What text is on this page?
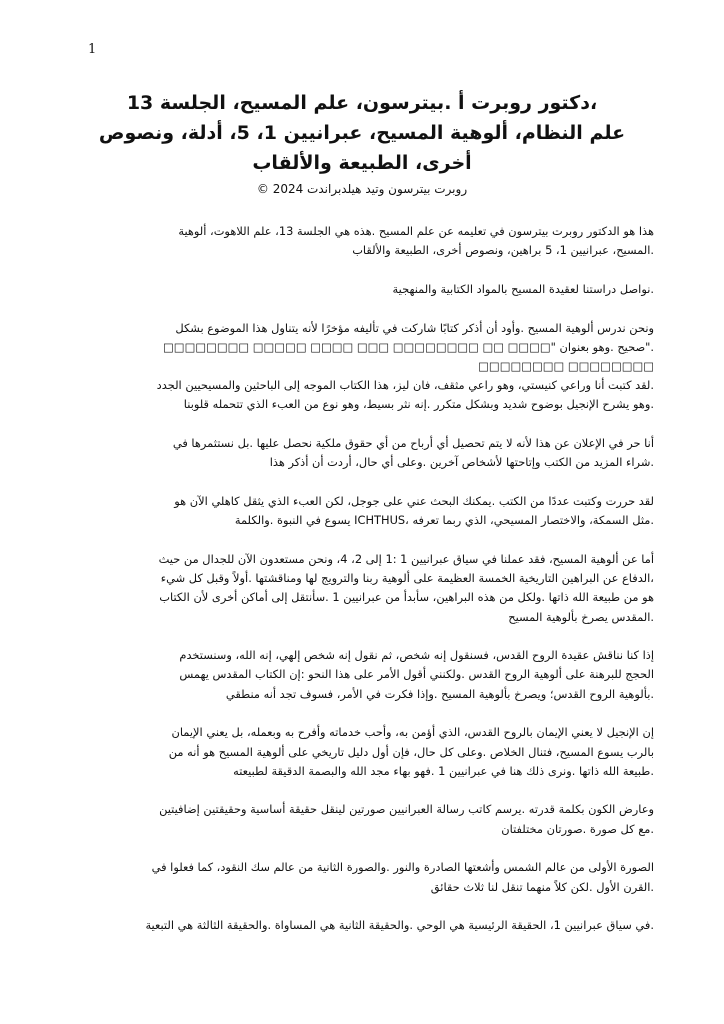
1
،دكتور روبرت أ .بيترسون، علم المسيح، الجلسة 13
علم النظام، ألوهية المسيح، عبرانيين 1، 5، أدلة، ونصوص
أخرى، الطبيعة والألقاب
روبرت بيترسون وتيد هيلدبراندت 2024 ©
هذا هو الدكتور روبرت بيترسون في تعليمه عن علم المسيح .هذه هي الجلسة 13، علم اللاهوت، ألوهية
.المسيح، عبرانيين 1، 5 براهين، ونصوص أخرى، الطبيعة والألقاب
.نواصل دراستنا لعقيدة المسيح بالمواد الكتابية والمنهجية
ونحن ندرس ألوهية المسيح .وأود أن أذكر كتابًا شاركت في تأليفه مؤخرًا لأنه يتناول هذا الموضوع بشكل
."صحيح .وهو بعنوان "□□□□ □□ □□□□□□□□ □□□ □□□□ □□□□□ □□□□□□□□ □□□□□□□□ □□□□□□□□
.لقد كتبت أنا وراعي كنيستي، وهو راعي مثقف، فان ليز، هذا الكتاب الموجه إلى الباحثين والمسيحيين الجدد
.وهو يشرح الإنجيل بوضوح شديد وبشكل متكرر .إنه نثر بسيط، وهو نوع من العبء الذي تتحمله قلوبنا
أنا حر في الإعلان عن هذا لأنه لا يتم تحصيل أي أرباح من أي حقوق ملكية نحصل عليها .بل نستثمرها في
.شراء المزيد من الكتب وإتاحتها لأشخاص آخرين .وعلى أي حال، أردت أن أذكر هذا
لقد حررت وكتبت عددًا من الكتب .يمكنك البحث عني على جوجل، لكن العبء الذي يثقل كاهلي الآن هو
.مثل السمكة، والاختصار المسيحي، الذي ربما تعرفه ،ICHTHUS يسوع في النبوة .والكلمة
أما عن ألوهية المسيح، فقد عملنا في سياق عبرانيين 1 :1 إلى 2، 4، ونحن مستعدون الآن للجدال من حيث
،الدفاع عن البراهين التاريخية الخمسة العظيمة على ألوهية ربنا والترويج لها ومناقشتها .أولاً وقبل كل شيء
هو من طبيعة الله ذاتها .ولكل من هذه البراهين، سأبدأ من عبرانيين 1 .سأنتقل إلى أماكن أخرى لأن الكتاب
.المقدس يصرخ بألوهية المسيح
إذا كنا نناقش عقيدة الروح القدس، فسنقول إنه شخص، ثم نقول إنه شخص إلهي، إنه الله، وسنستخدم
الحجج للبرهنة على ألوهية الروح القدس .ولكنني أقول الأمر على هذا النحو :إن الكتاب المقدس يهمس
.بألوهية الروح القدس؛ ويصرخ بألوهية المسيح .وإذا فكرت في الأمر، فسوف تجد أنه منطقي
إن الإنجيل لا يعني الإيمان بالروح القدس، الذي أؤمن به، وأحب خدماته وأفرح به وبعمله، بل يعني الإيمان
بالرب يسوع المسيح، فتنال الخلاص .وعلى كل حال، فإن أول دليل تاريخي على ألوهية المسيح هو أنه من
.طبيعة الله ذاتها .ونرى ذلك هنا في عبرانيين 1 .فهو بهاء مجد الله والبصمة الدقيقة لطبيعته
وعارض الكون بكلمة قدرته .يرسم كاتب رسالة العبرانيين صورتين لينقل حقيقة أساسية وحقيقتين إضافيتين
.مع كل صورة .صورتان مختلفتان
الصورة الأولى من عالم الشمس وأشعتها الصادرة والنور .والصورة الثانية من عالم سك النقود، كما فعلوا في
.القرن الأول .لكن كلاً منهما تنقل لنا ثلاث حقائق
.في سياق عبرانيين 1، الحقيقة الرئيسية هي الوحي .والحقيقة الثانية هي المساواة .والحقيقة الثالثة هي التبعية
